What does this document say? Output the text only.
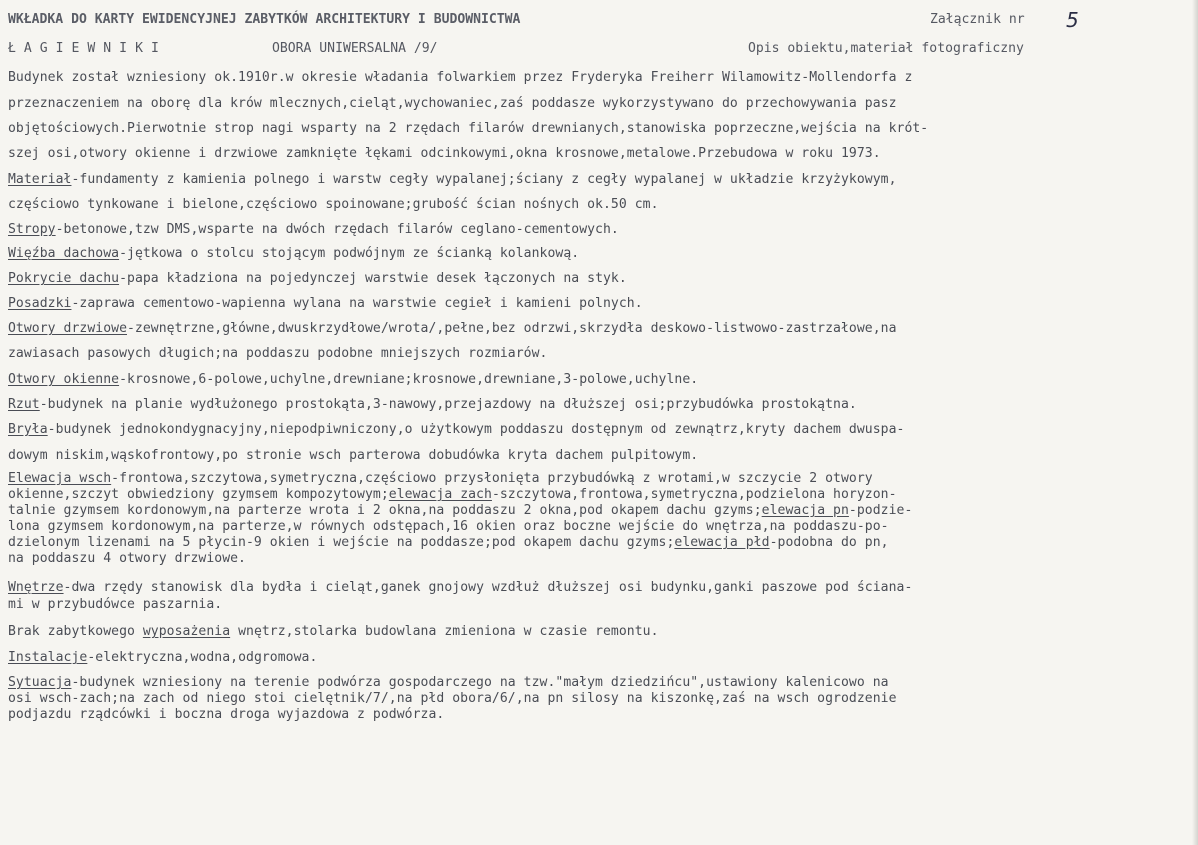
WKŁADKA DO KARTY EWIDENCYJNEJ ZABYTKÓW ARCHITEKTURY I BUDOWNICTWA	Załącznik nr 5
ŁAGIEWNIKI	OBORA UNIWERSALNA /9/	Opis obiektu,materiał fotograficzny
Budynek został wzniesiony ok.1910r.w okresie władania folwarkiem przez Fryderyka Freiherr Wilamowitz-Mollendorfa z
przeznaczeniem na oborę dla krów mlecznych,cieląt,wychowaniec,zaś poddasze wykorzystywano do przechowywania pasz
objętościowych.Pierwotnie strop nagi wsparty na 2 rzędach filarów drewnianych,stanowiska poprzeczne,wejścia na krót-
szej osi,otwory okienne i drzwiowe zamknięte łękami odcinkowymi,okna krosnowe,metalowe.Przebudowa w roku 1973.
Materiał-fundamenty z kamienia polnego i warstw cegły wypalanej;ściany z cegły wypalanej w układzie krzyżykowym,
częściowo tynkowane i bielone,częściowo spoinowane;grubość ścian nośnych ok.50 cm.
Stropy-betonowe,tzw DMS,wsparte na dwóch rzędach filarów ceglano-cementowych.
Więźba dachowa-jętkowa o stolcu stojącym podwójnym ze ścianką kolankową.
Pokrycie dachu-papa kładziona na pojedynczej warstwie desek łączonych na styk.
Posadzki-zaprawa cementowo-wapienna wylana na warstwie cegieł i kamieni polnych.
Otwory drzwiowe-zewnętrzne,główne,dwuskrzydłowe/wrota/,pełne,bez odrzwi,skrzydła deskowo-listwowo-zastrzałowe,na
zawiasach pasowych długich;na poddaszu podobne mniejszych rozmiarów.
Otwory okienne-krosnowe,6-polowe,uchylne,drewniane;krosnowe,drewniane,3-polowe,uchylne.
Rzut-budynek na planie wydłużonego prostokąta,3-nawowy,przejazdowy na dłuższej osi;przybudówka prostokątna.
Bryła-budynek jednokondygnacyjny,niepodpiwniczony,o użytkowym poddaszu dostępnym od zewnątrz,kryty dachem dwuspa-
dowym niskim,wąskofrontowy,po stronie wsch parterowa dobudówka kryta dachem pulpitowym.
Elewacja wsch-frontowa,szczytowa,symetryczna,częściowo przysłonięta przybudówką z wrotami,w szczycie 2 otwory
okienne,szczyt obwiedziony gzymsem kompozytowym;elewacja zach-szczytowa,frontowa,symetryczna,podzielona horyzon-
talnie gzymsem kordonowym,na parterze wrota i 2 okna,na poddaszu 2 okna,pod okapem dachu gzyms;elewacja pn-podzie-
lona gzymsem kordonowym,na parterze,w równych odstępach,16 okien oraz boczne wejście do wnętrza,na poddaszu-po-
dzielonym lizenami na 5 płycin-9 okien i wejście na poddasze;pod okapem dachu gzyms;elewacja płd-podobna do pn,
na poddaszu 4 otwory drzwiowe.
Wnętrze-dwa rzędy stanowisk dla bydła i cieląt,ganek gnojowy wzdłuż dłuższej osi budynku,ganki paszowe pod ściana-
mi w przybudówce paszarnia.
Brak zabytkowego wyposażenia wnętrz,stolarka budowlana zmieniona w czasie remontu.
Instalacje-elektryczna,wodna,odgromowa.
Sytuacja-budynek wzniesiony na terenie podwórza gospodarczego na tzw."małym dziedzińcu",ustawiony kalenicowo na
osi wsch-zach;na zach od niego stoi cielętnik/7/,na płd obora/6/,na pn silosy na kiszonkę,zaś na wsch ogrodzenie
podjazdu rządcówki i boczna droga wyjazdowa z podwórza.
